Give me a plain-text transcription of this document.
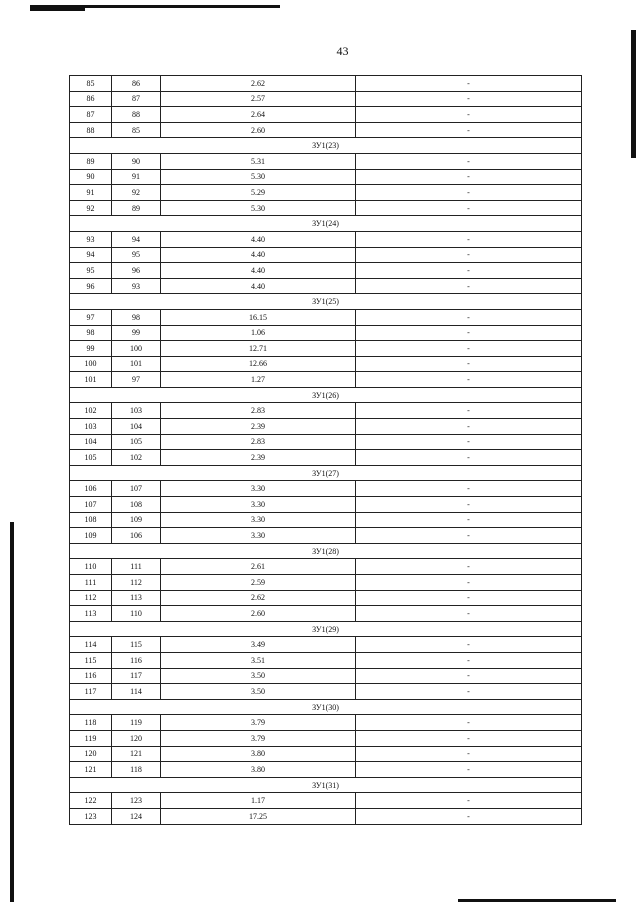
43
85	86	2.62	-
86	87	2.57	-
87	88	2.64	-
88	85	2.60	-
ЗУ1(23)			
89	90	5.31	-
90	91	5.30	-
91	92	5.29	-
92	89	5.30	-
ЗУ1(24)			
93	94	4.40	-
94	95	4.40	-
95	96	4.40	-
96	93	4.40	-
ЗУ1(25)			
97	98	16.15	-
98	99	1.06	-
99	100	12.71	-
100	101	12.66	-
101	97	1.27	-
ЗУ1(26)			
102	103	2.83	-
103	104	2.39	-
104	105	2.83	-
105	102	2.39	-
ЗУ1(27)			
106	107	3.30	-
107	108	3.30	-
108	109	3.30	-
109	106	3.30	-
ЗУ1(28)			
110	111	2.61	-
111	112	2.59	-
112	113	2.62	-
113	110	2.60	-
ЗУ1(29)			
114	115	3.49	-
115	116	3.51	-
116	117	3.50	-
117	114	3.50	-
ЗУ1(30)			
118	119	3.79	-
119	120	3.79	-
120	121	3.80	-
121	118	3.80	-
ЗУ1(31)			
122	123	1.17	-
123	124	17.25	-
